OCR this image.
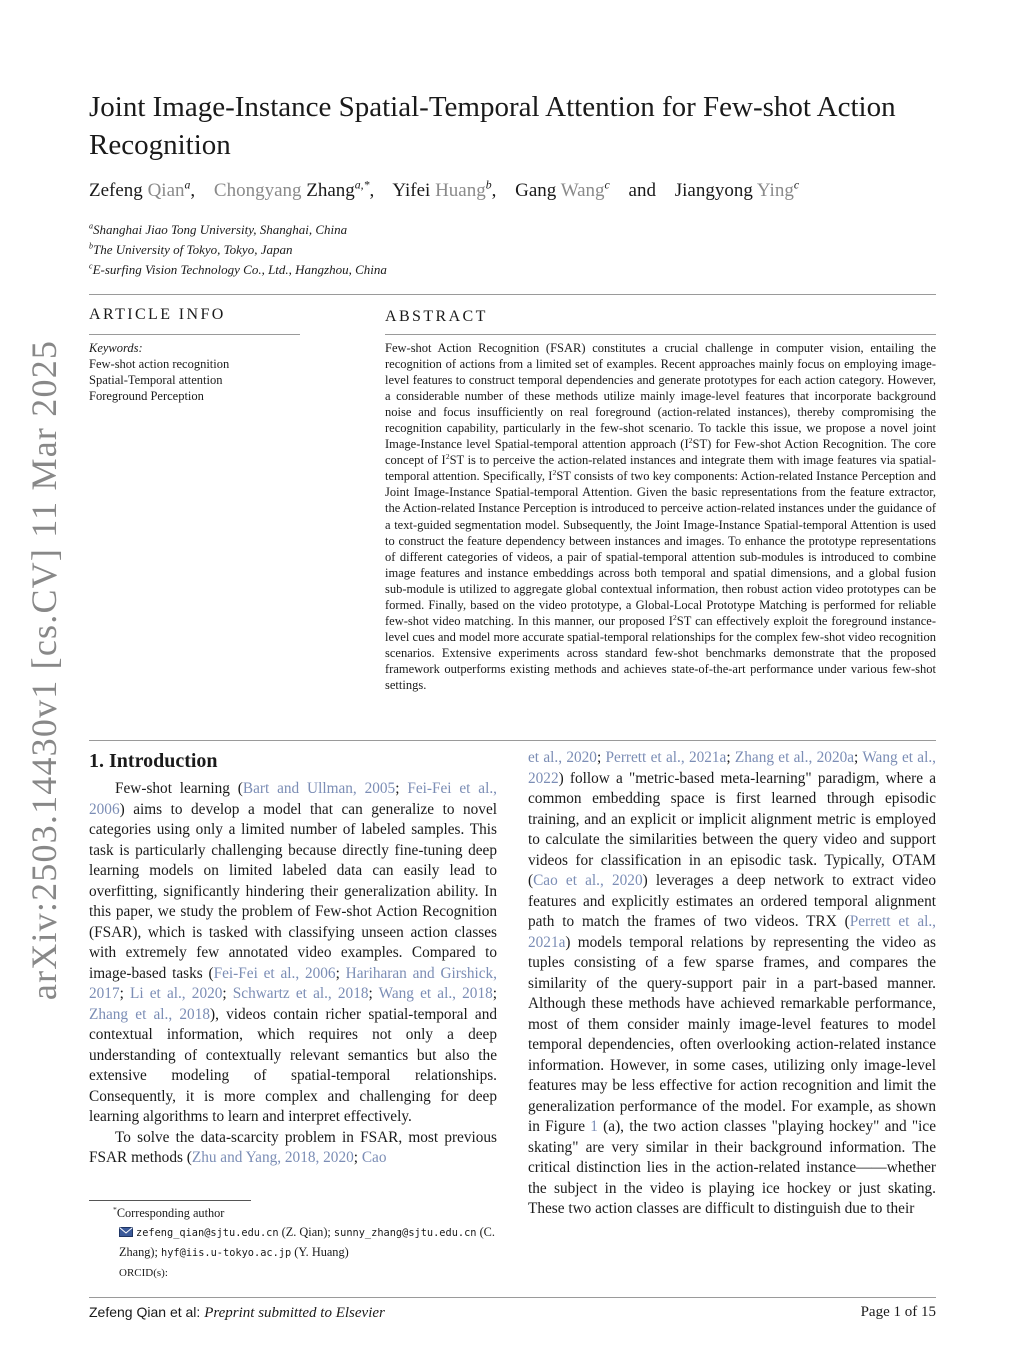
arXiv:2503.14430v1 [cs.CV] 11 Mar 2025
Joint Image-Instance Spatial-Temporal Attention for Few-shot Action
Recognition
Zefeng Qian$^a$, Chongyang Zhang$^{a,*}$, Yifei Huang$^b$, Gang Wang$^c$ and Jiangyong Ying$^c$
$^a$Shanghai Jiao Tong University, Shanghai, China
$^b$The University of Tokyo, Tokyo, Japan
$^c$E-surfing Vision Technology Co., Ltd., Hangzhou, China
ARTICLE INFO
Keywords:
Few-shot action recognition
Spatial-Temporal attention
Foreground Perception
ABSTRACT
Few-shot Action Recognition (FSAR) constitutes a crucial challenge in computer vision, entailing the recognition of actions from a limited set of examples. Recent approaches mainly focus on employing image-level features to construct temporal dependencies and generate prototypes for each action category. However, a considerable number of these methods utilize mainly image-level features that incorporate background noise and focus insufficiently on real foreground (action-related instances), thereby compromising the recognition capability, particularly in the few-shot scenario. To tackle this issue, we propose a novel joint Image-Instance level Spatial-temporal attention approach $(I^2ST)$ for Few-shot Action Recognition. The core concept of $I^2ST$ is to perceive the action-related instances and integrate them with image features via spatial-temporal attention. Specifically, $I^2ST$ consists of two key components: Action-related Instance Perception and Joint Image-Instance Spatial-temporal Attention. Given the basic representations from the feature extractor, the Action-related Instance Perception is introduced to perceive action-related instances under the guidance of a text-guided segmentation model. Subsequently, the Joint Image-Instance Spatial-temporal Attention is used to construct the feature dependency between instances and images. To enhance the prototype representations of different categories of videos, a pair of spatial-temporal attention sub-modules is introduced to combine image features and instance embeddings across both temporal and spatial dimensions, and a global fusion sub-module is utilized to aggregate global contextual information, then robust action video prototypes can be formed. Finally, based on the video prototype, a Global-Local Prototype Matching is performed for reliable few-shot video matching. In this manner, our proposed $I^2ST$ can effectively exploit the foreground instance-level cues and model more accurate spatial-temporal relationships for the complex few-shot video recognition scenarios. Extensive experiments across standard few-shot benchmarks demonstrate that the proposed framework outperforms existing methods and achieves state-of-the-art performance under various few-shot settings.
1. Introduction

Few-shot learning (Bart and Ullman, 2005; Fei-Fei et al., 2006) aims to develop a model that can generalize to novel categories using only a limited number of labeled samples. This task is particularly challenging because directly fine-tuning deep learning models on limited labeled data can easily lead to overfitting, significantly hindering their generalization ability. In this paper, we study the problem of Few-shot Action Recognition (FSAR), which is tasked with classifying unseen action classes with extremely few annotated video examples. Compared to image-based tasks (Fei-Fei et al., 2006; Hariharan and Girshick, 2017; Li et al., 2020; Schwartz et al., 2018; Wang et al., 2018; Zhang et al., 2018), videos contain richer spatial-temporal and contextual information, which requires not only a deep understanding of contextually relevant semantics but also the extensive modeling of spatial-temporal relationships. Consequently, it is more complex and challenging for deep learning algorithms to learn and interpret effectively.

To solve the data-scarcity problem in FSAR, most previous FSAR methods (Zhu and Yang, 2018, 2020; Cao

*Corresponding author
zefeng_qian@sjtu.edu.cn (Z. Qian); sunny_zhang@sjtu.edu.cn (C. Zhang); hyf@iis.u-tokyo.ac.jp (Y. Huang)
ORCID(s):

et al., 2020; Perrett et al., 2021a; Zhang et al., 2020a; Wang et al., 2022) follow a "metric-based meta-learning" paradigm, where a common embedding space is first learned through episodic training, and an explicit or implicit alignment metric is employed to calculate the similarities between the query video and support videos for classification in an episodic task. Typically, OTAM (Cao et al., 2020) leverages a deep network to extract video features and explicitly estimates an ordered temporal alignment path to match the frames of two videos. TRX (Perrett et al., 2021a) models temporal relations by representing the video as tuples consisting of a few sparse frames, and compares the similarity of the query-support pair in a part-based manner. Although these methods have achieved remarkable performance, most of them consider mainly image-level features to model temporal dependencies, often overlooking action-related instance information. However, in some cases, utilizing only image-level features may be less effective for action recognition and limit the generalization performance of the model. For example, as shown in Figure 1 (a), the two action classes "playing hockey" and "ice skating" are very similar in their background information. The critical distinction lies in the action-related instance——whether the subject in the video is playing ice hockey or just skating. These two action classes are difficult to distinguish due to their

Zefeng Qian et al: Preprint submitted to Elsevier	Page 1 of 15
